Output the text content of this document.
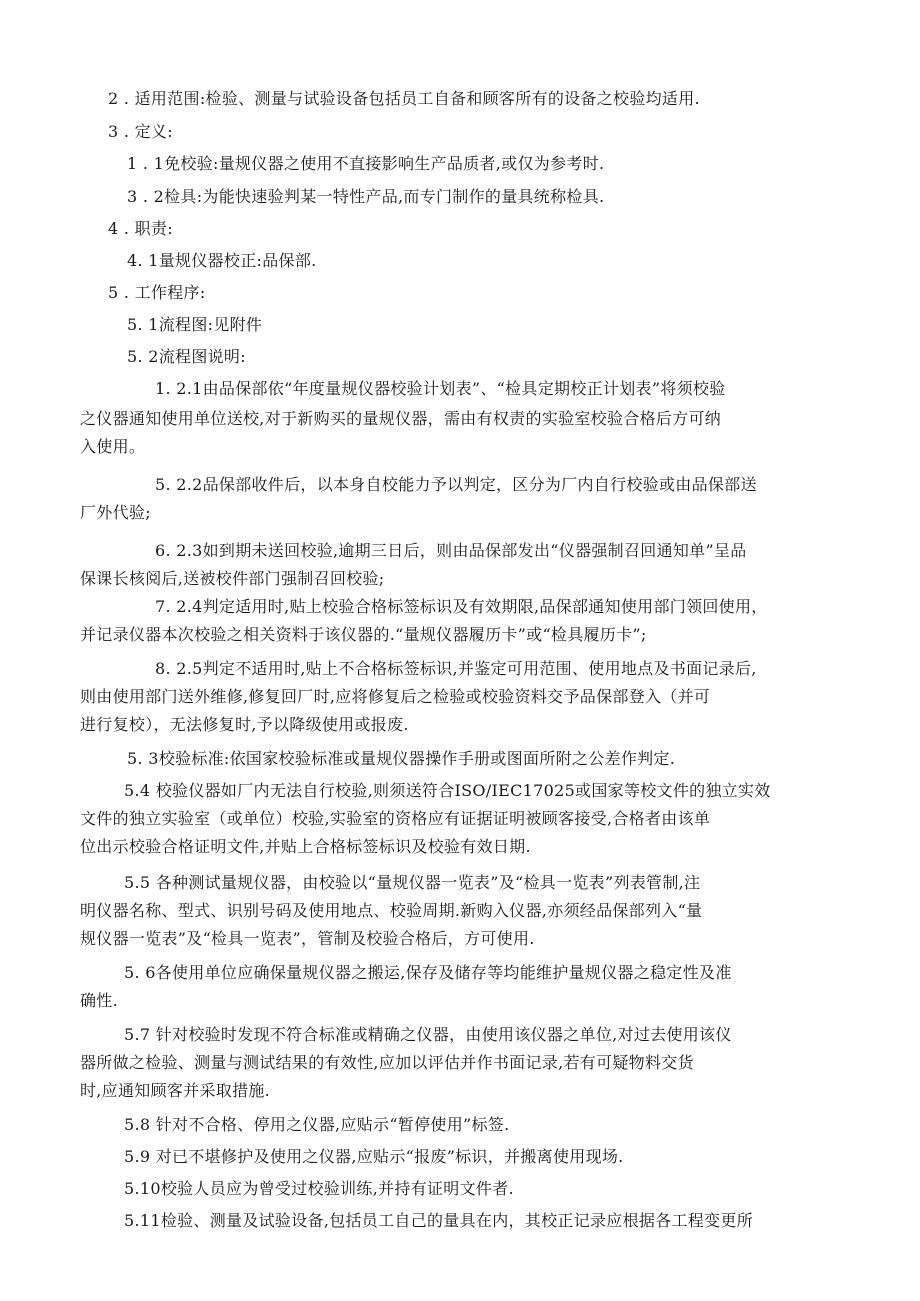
2 . 适用范围:检验、测量与试验设备包括员工自备和顾客所有的设备之校验均适用.
3 . 定义:
1 . 1免校验:量规仪器之使用不直接影响生产品质者,或仅为参考时.
3 . 2检具:为能快速验判某一特性产品,而专门制作的量具统称检具.
4 . 职责:
4. 1量规仪器校正:品保部.
5 . 工作程序:
5. 1流程图:见附件
5. 2流程图说明:
1. 2.1由品保部依“年度量规仪器校验计划表”、“检具定期校正计划表”将须校验
之仪器通知使用单位送校,对于新购买的量规仪器，需由有权责的实验室校验合格后方可纳
入使用。
5. 2.2品保部收件后，以本身自校能力予以判定，区分为厂内自行校验或由品保部送
厂外代验;
6. 2.3如到期未送回校验,逾期三日后，则由品保部发出“仪器强制召回通知单”呈品
保课长核阅后,送被校件部门强制召回校验;
7. 2.4判定适用时,贴上校验合格标签标识及有效期限,品保部通知使用部门领回使用，
并记录仪器本次校验之相关资料于该仪器的.“量规仪器履历卡”或“检具履历卡”;
8. 2.5判定不适用时,贴上不合格标签标识,并鉴定可用范围、使用地点及书面记录后,
则由使用部门送外维修,修复回厂时,应将修复后之检验或校验资料交予品保部登入（并可
进行复校），无法修复时,予以降级使用或报废.
5. 3校验标准:依国家校验标准或量规仪器操作手册或图面所附之公差作判定.
5.4 校验仪器如厂内无法自行校验,则须送符合ISO/IEC17025或国家等校文件的独立实效
文件的独立实验室（或单位）校验,实验室的资格应有证据证明被顾客接受,合格者由该单
位出示校验合格证明文件,并贴上合格标签标识及校验有效日期.
5.5 各种测试量规仪器，由校验以“量规仪器一览表”及“检具一览表”列表管制,注
明仪器名称、型式、识别号码及使用地点、校验周期.新购入仪器,亦须经品保部列入“量
规仪器一览表”及“检具一览表”，管制及校验合格后，方可使用.
5. 6各使用单位应确保量规仪器之搬运,保存及储存等均能维护量规仪器之稳定性及准
确性.
5.7 针对校验时发现不符合标准或精确之仪器，由使用该仪器之单位,对过去使用该仪
器所做之检验、测量与测试结果的有效性,应加以评估并作书面记录,若有可疑物料交货
时,应通知顾客并采取措施.
5.8 针对不合格、停用之仪器,应贴示“暂停使用”标签.
5.9 对已不堪修护及使用之仪器,应贴示“报废”标识，并搬离使用现场.
5.10校验人员应为曾受过校验训练,并持有证明文件者.
5.11检验、测量及试验设备,包括员工自己的量具在内，其校正记录应根据各工程变更所
